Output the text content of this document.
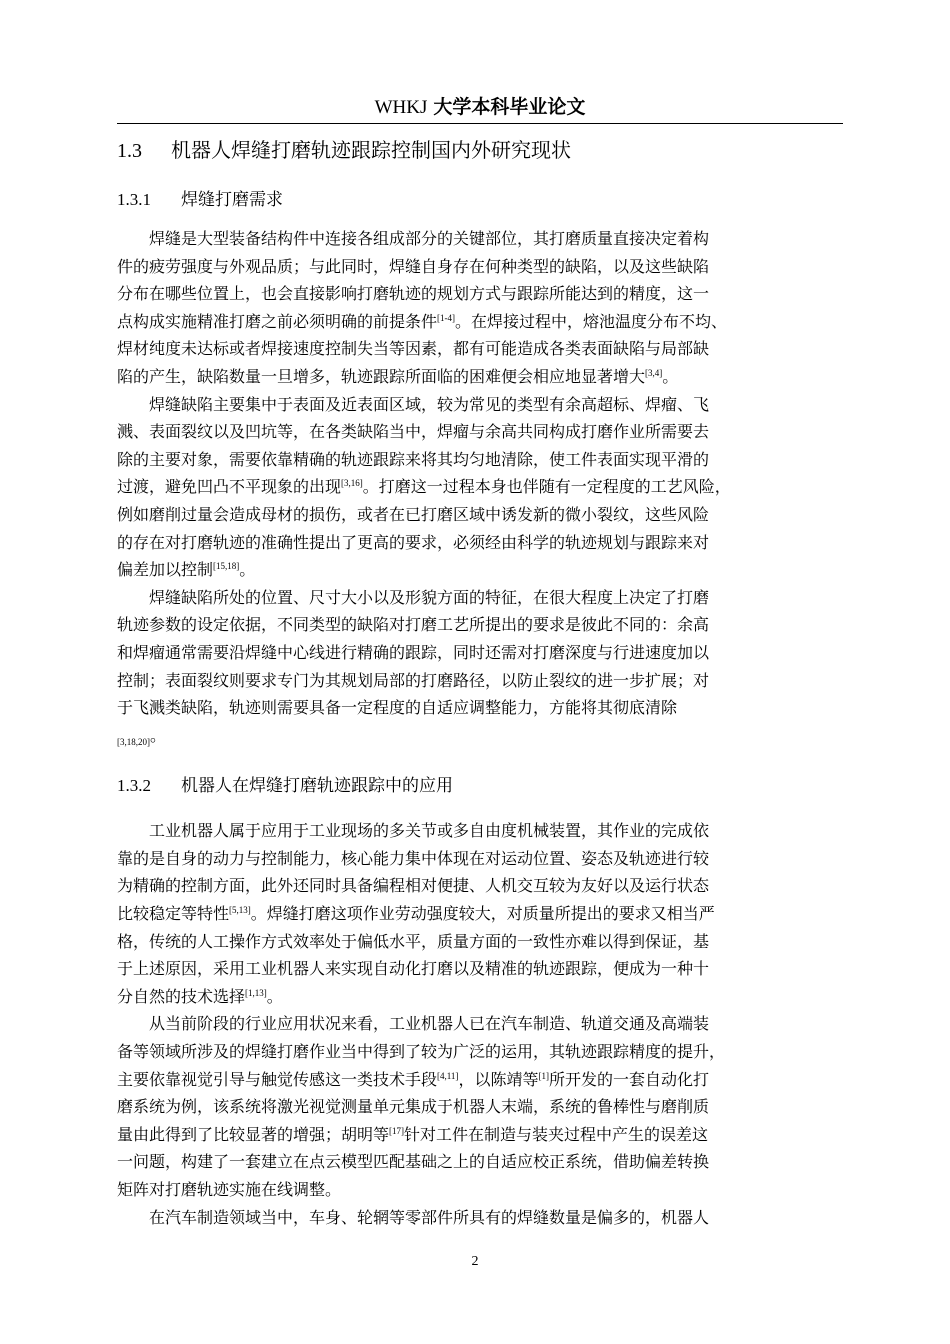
WHKJ 大学本科毕业论文
1.3 机器人焊缝打磨轨迹跟踪控制国内外研究现状
1.3.1 焊缝打磨需求

焊缝是大型装备结构件中连接各组成部分的关键部位，其打磨质量直接决定着构
件的疲劳强度与外观品质；与此同时，焊缝自身存在何种类型的缺陷，以及这些缺陷
分布在哪些位置上，也会直接影响打磨轨迹的规划方式与跟踪所能达到的精度，这一
点构成实施精准打磨之前必须明确的前提条件[1-4]。在焊接过程中，熔池温度分布不均、
焊材纯度未达标或者焊接速度控制失当等因素，都有可能造成各类表面缺陷与局部缺
陷的产生，缺陷数量一旦增多，轨迹跟踪所面临的困难便会相应地显著增大[3,4]。

焊缝缺陷主要集中于表面及近表面区域，较为常见的类型有余高超标、焊瘤、飞
溅、表面裂纹以及凹坑等，在各类缺陷当中，焊瘤与余高共同构成打磨作业所需要去
除的主要对象，需要依靠精确的轨迹跟踪来将其均匀地清除，使工件表面实现平滑的
过渡，避免凹凸不平现象的出现[3,16]。打磨这一过程本身也伴随有一定程度的工艺风险，
例如磨削过量会造成母材的损伤，或者在已打磨区域中诱发新的微小裂纹，这些风险
的存在对打磨轨迹的准确性提出了更高的要求，必须经由科学的轨迹规划与跟踪来对
偏差加以控制[15,18]。

焊缝缺陷所处的位置、尺寸大小以及形貌方面的特征，在很大程度上决定了打磨
轨迹参数的设定依据，不同类型的缺陷对打磨工艺所提出的要求是彼此不同的：余高
和焊瘤通常需要沿焊缝中心线进行精确的跟踪，同时还需对打磨深度与行进速度加以
控制；表面裂纹则要求专门为其规划局部的打磨路径，以防止裂纹的进一步扩展；对
于飞溅类缺陷，轨迹则需要具备一定程度的自适应调整能力，方能将其彻底清除
$_{[3,18,20]}$。

1.3.2 机器人在焊缝打磨轨迹跟踪中的应用

工业机器人属于应用于工业现场的多关节或多自由度机械装置，其作业的完成依
靠的是自身的动力与控制能力，核心能力集中体现在对运动位置、姿态及轨迹进行较
为精确的控制方面，此外还同时具备编程相对便捷、人机交互较为友好以及运行状态
比较稳定等特性[5,13]。焊缝打磨这项作业劳动强度较大，对质量所提出的要求又相当严
格，传统的人工操作方式效率处于偏低水平，质量方面的一致性亦难以得到保证，基
于上述原因，采用工业机器人来实现自动化打磨以及精准的轨迹跟踪，便成为一种十
分自然的技术选择[1,13]。

从当前阶段的行业应用状况来看，工业机器人已在汽车制造、轨道交通及高端装
备等领域所涉及的焊缝打磨作业当中得到了较为广泛的运用，其轨迹跟踪精度的提升，
主要依靠视觉引导与触觉传感这一类技术手段[4,11]，以陈靖等[1]所开发的一套自动化打
磨系统为例，该系统将激光视觉测量单元集成于机器人末端，系统的鲁棒性与磨削质
量由此得到了比较显著的增强；胡明等[17]针对工件在制造与装夹过程中产生的误差这
一问题，构建了一套建立在点云模型匹配基础之上的自适应校正系统，借助偏差转换
矩阵对打磨轨迹实施在线调整。

在汽车制造领域当中，车身、轮辋等零部件所具有的焊缝数量是偏多的，机器人

2
